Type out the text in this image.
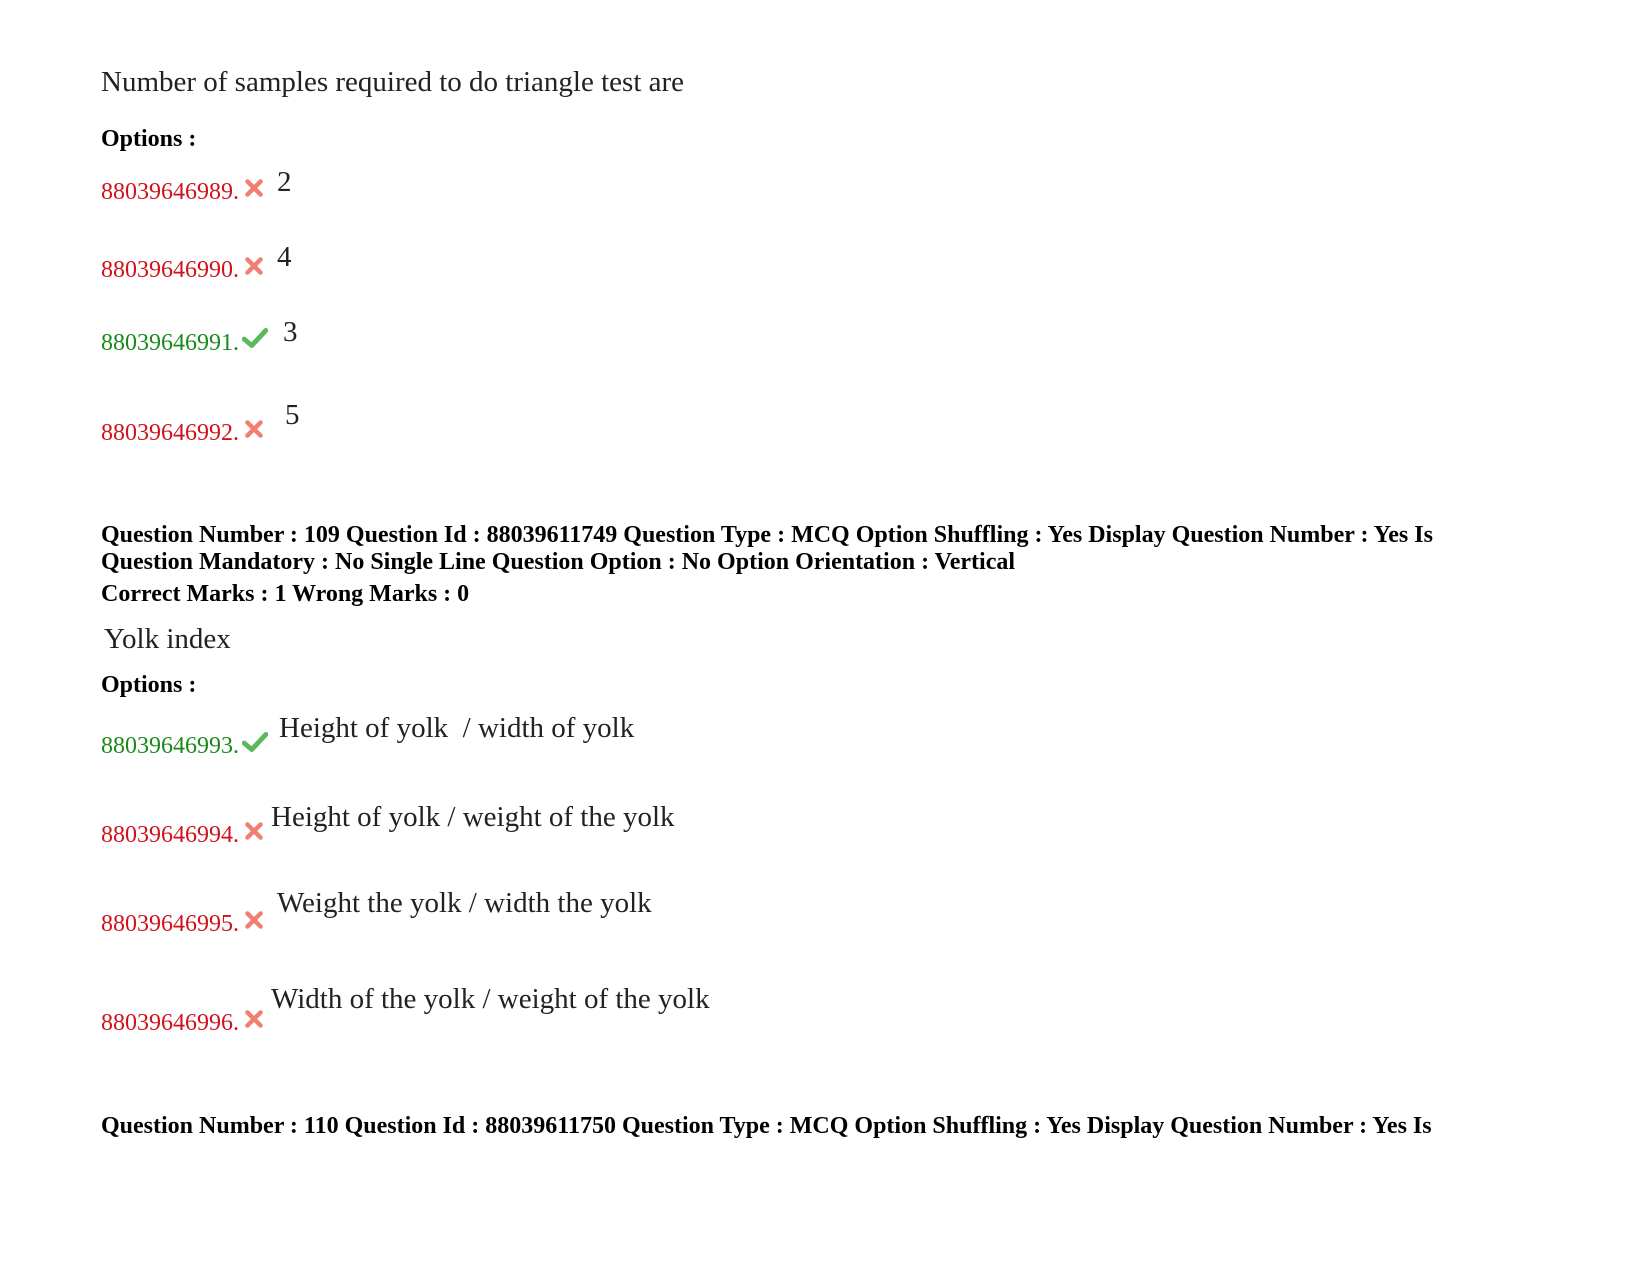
Number of samples required to do triangle test are
Options :
88039646989. 2
88039646990. 4
88039646991. 3
88039646992.
5
Question Number : 109 Question Id : 88039611749 Question Type : MCQ Option Shuffling : Yes Display Question Number : Yes Is
Question Mandatory : No Single Line Question Option : No Option Orientation : Vertical
Correct Marks : 1 Wrong Marks : 0
Yolk index
Options :
88039646993.
Height of yolk  / width of yolk
88039646994.
Height of yolk / weight of the yolk
88039646995.
Weight the yolk / width the yolk
88039646996.
Width of the yolk / weight of the yolk
Question Number : 110 Question Id : 88039611750 Question Type : MCQ Option Shuffling : Yes Display Question Number : Yes Is
